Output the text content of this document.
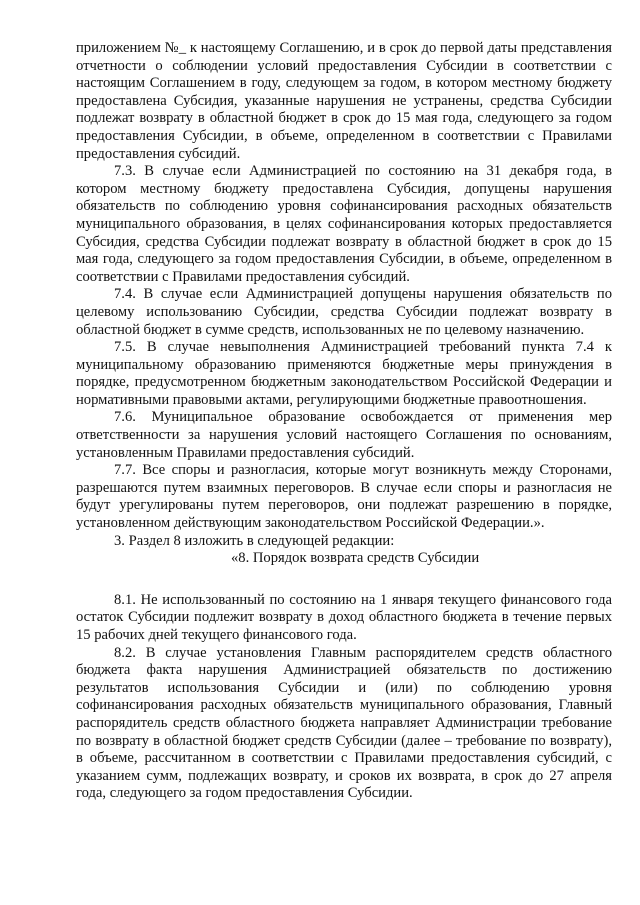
приложением №_ к настоящему Соглашению, и в срок до первой даты представления отчетности о соблюдении условий предоставления Субсидии в соответствии с настоящим Соглашением в году, следующем за годом, в котором местному бюджету предоставлена Субсидия, указанные нарушения не устранены, средства Субсидии подлежат возврату в областной бюджет в срок до 15 мая года, следующего за годом предоставления Субсидии, в объеме, определенном в соответствии с Правилами предоставления субсидий.

7.3. В случае если Администрацией по состоянию на 31 декабря года, в котором местному бюджету предоставлена Субсидия, допущены нарушения обязательств по соблюдению уровня софинансирования расходных обязательств муниципального образования, в целях софинансирования которых предоставляется Субсидия, средства Субсидии подлежат возврату в областной бюджет в срок до 15 мая года, следующего за годом предоставления Субсидии, в объеме, определенном в соответствии с Правилами предоставления субсидий.

7.4. В случае если Администрацией допущены нарушения обязательств по целевому использованию Субсидии, средства Субсидии подлежат возврату в областной бюджет в сумме средств, использованных не по целевому назначению.

7.5. В случае невыполнения Администрацией требований пункта 7.4 к муниципальному образованию применяются бюджетные меры принуждения в порядке, предусмотренном бюджетным законодательством Российской Федерации и нормативными правовыми актами, регулирующими бюджетные правоотношения.

7.6. Муниципальное образование освобождается от применения мер ответственности за нарушения условий настоящего Соглашения по основаниям, установленным Правилами предоставления субсидий.

7.7. Все споры и разногласия, которые могут возникнуть между Сторонами, разрешаются путем взаимных переговоров. В случае если споры и разногласия не будут урегулированы путем переговоров, они подлежат разрешению в порядке, установленном действующим законодательством Российской Федерации.».

3. Раздел 8 изложить в следующей редакции:

«8. Порядок возврата средств Субсидии

8.1. Не использованный по состоянию на 1 января текущего финансового года остаток Субсидии подлежит возврату в доход областного бюджета в течение первых 15 рабочих дней текущего финансового года.

8.2. В случае установления Главным распорядителем средств областного бюджета факта нарушения Администрацией обязательств по достижению результатов использования Субсидии и (или) по соблюдению уровня софинансирования расходных обязательств муниципального образования, Главный распорядитель средств областного бюджета направляет Администрации требование по возврату в областной бюджет средств Субсидии (далее – требование по возврату), в объеме, рассчитанном в соответствии с Правилами предоставления субсидий, с указанием сумм, подлежащих возврату, и сроков их возврата, в срок до 27 апреля года, следующего за годом предоставления Субсидии.
